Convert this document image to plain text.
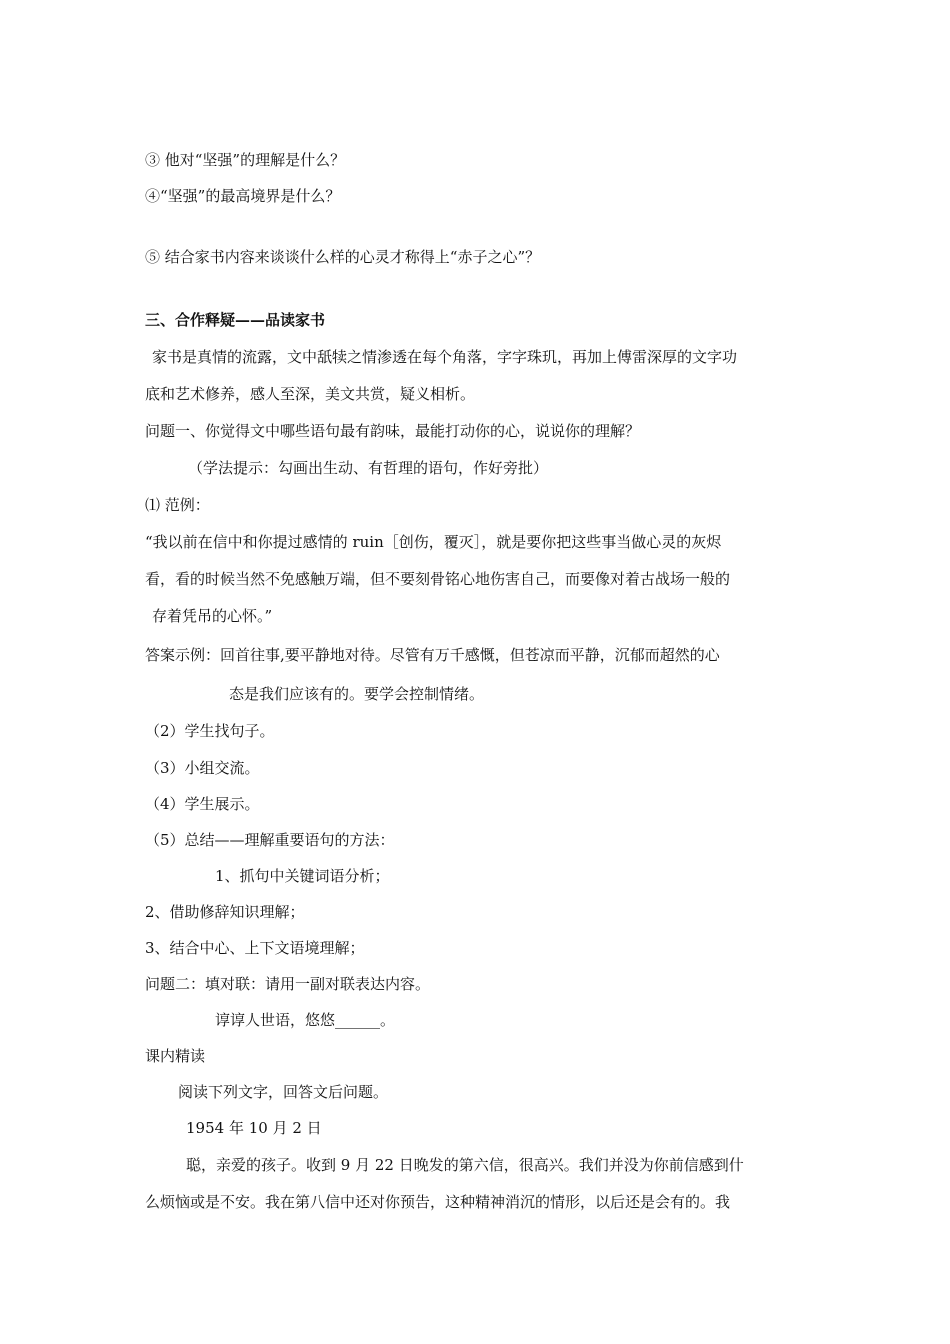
③ 他对“坚强”的理解是什么？
④“坚强”的最高境界是什么？
⑤ 结合家书内容来谈谈什么样的心灵才称得上“赤子之心”？
三、合作释疑——品读家书
家书是真情的流露，文中舐犊之情渗透在每个角落，字字珠玑，再加上傅雷深厚的文字功
底和艺术修养，感人至深，美文共赏，疑义相析。
问题一、你觉得文中哪些语句最有韵味，最能打动你的心，说说你的理解？
（学法提示：勾画出生动、有哲理的语句，作好旁批）
⑴ 范例：
“我以前在信中和你提过感情的 ruin［创伤，覆灭］，就是要你把这些事当做心灵的灰烬
看，看的时候当然不免感触万端，但不要刻骨铭心地伤害自己，而要像对着古战场一般的
存着凭吊的心怀。”
答案示例：回首往事,要平静地对待。尽管有万千感慨，但苍凉而平静，沉郁而超然的心
态是我们应该有的。要学会控制情绪。
（2）学生找句子。
（3）小组交流。
（4）学生展示。
（5）总结——理解重要语句的方法：
1、抓句中关键词语分析；
2、借助修辞知识理解；
3、结合中心、上下文语境理解；
问题二：填对联：请用一副对联表达内容。
谆谆人世语，悠悠______。
课内精读
阅读下列文字，回答文后问题。
1954 年 10 月 2 日
聪，亲爱的孩子。收到 9 月 22 日晚发的第六信，很高兴。我们并没为你前信感到什
么烦恼或是不安。我在第八信中还对你预告，这种精神消沉的情形，以后还是会有的。我
